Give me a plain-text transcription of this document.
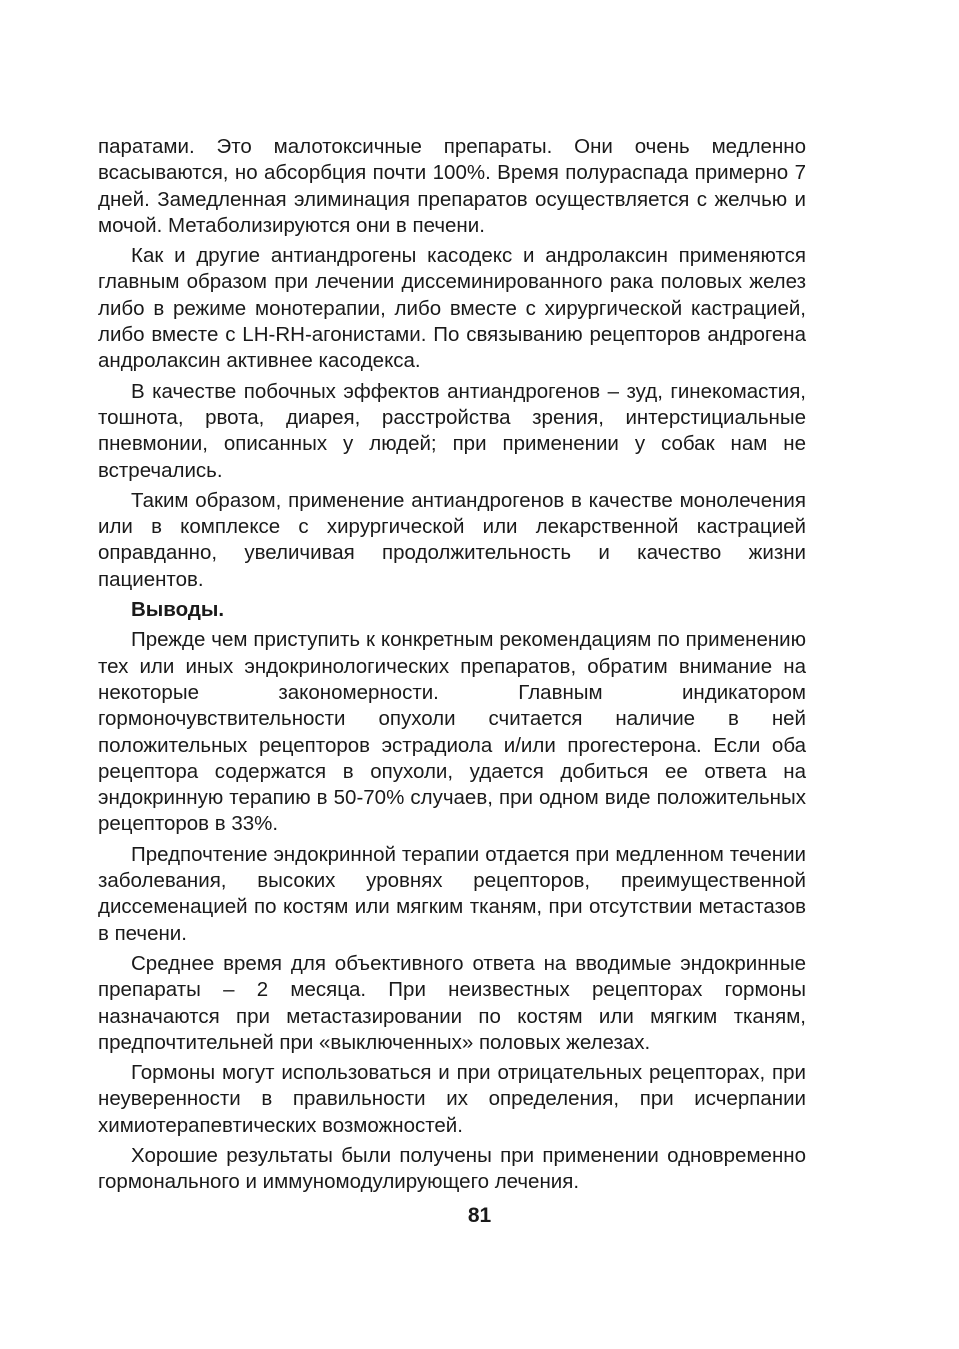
паратами. Это малотоксичные препараты. Они очень медленно всасываются, но абсорбция почти 100%. Время полураспада примерно 7 дней. Замедленная элиминация препаратов осуществляется с желчью и мочой. Метаболизируются они в печени.

Как и другие антиандрогены касодекс и андролаксин применяются главным образом при лечении диссеминированного рака половых желез либо в режиме монотерапии, либо вместе с хирургической кастрацией, либо вместе с LH-RH-агонистами. По связыванию рецепторов андрогена андролаксин активнее касодекса.

В качестве побочных эффектов антиандрогенов – зуд, гинекомастия, тошнота, рвота, диарея, расстройства зрения, интерстициальные пневмонии, описанных у людей; при применении у собак нам не встречались.

Таким образом, применение антиандрогенов в качестве монолечения или в комплексе с хирургической или лекарственной кастрацией оправданно, увеличивая продолжительность и качество жизни пациентов.

Выводы.

Прежде чем приступить к конкретным рекомендациям по применению тех или иных эндокринологических препаратов, обратим внимание на некоторые закономерности. Главным индикатором гормоночувствительности опухоли считается наличие в ней положительных рецепторов эстрадиола и/или прогестерона. Если оба рецептора содержатся в опухоли, удается добиться ее ответа на эндокринную терапию в 50-70% случаев, при одном виде положительных рецепторов в 33%.

Предпочтение эндокринной терапии отдается при медленном течении заболевания, высоких уровнях рецепторов, преимущественной диссеменацией по костям или мягким тканям, при отсутствии метастазов в печени.

Среднее время для объективного ответа на вводимые эндокринные препараты – 2 месяца. При неизвестных рецепторах гормоны назначаются при метастазировании по костям или мягким тканям, предпочтительней при «выключенных» половых железах.

Гормоны могут использоваться и при отрицательных рецепторах, при неуверенности в правильности их определения, при исчерпании химиотерапевтических возможностей.

Хорошие результаты были получены при применении одновременно гормонального и иммуномодулирующего лечения.

81
